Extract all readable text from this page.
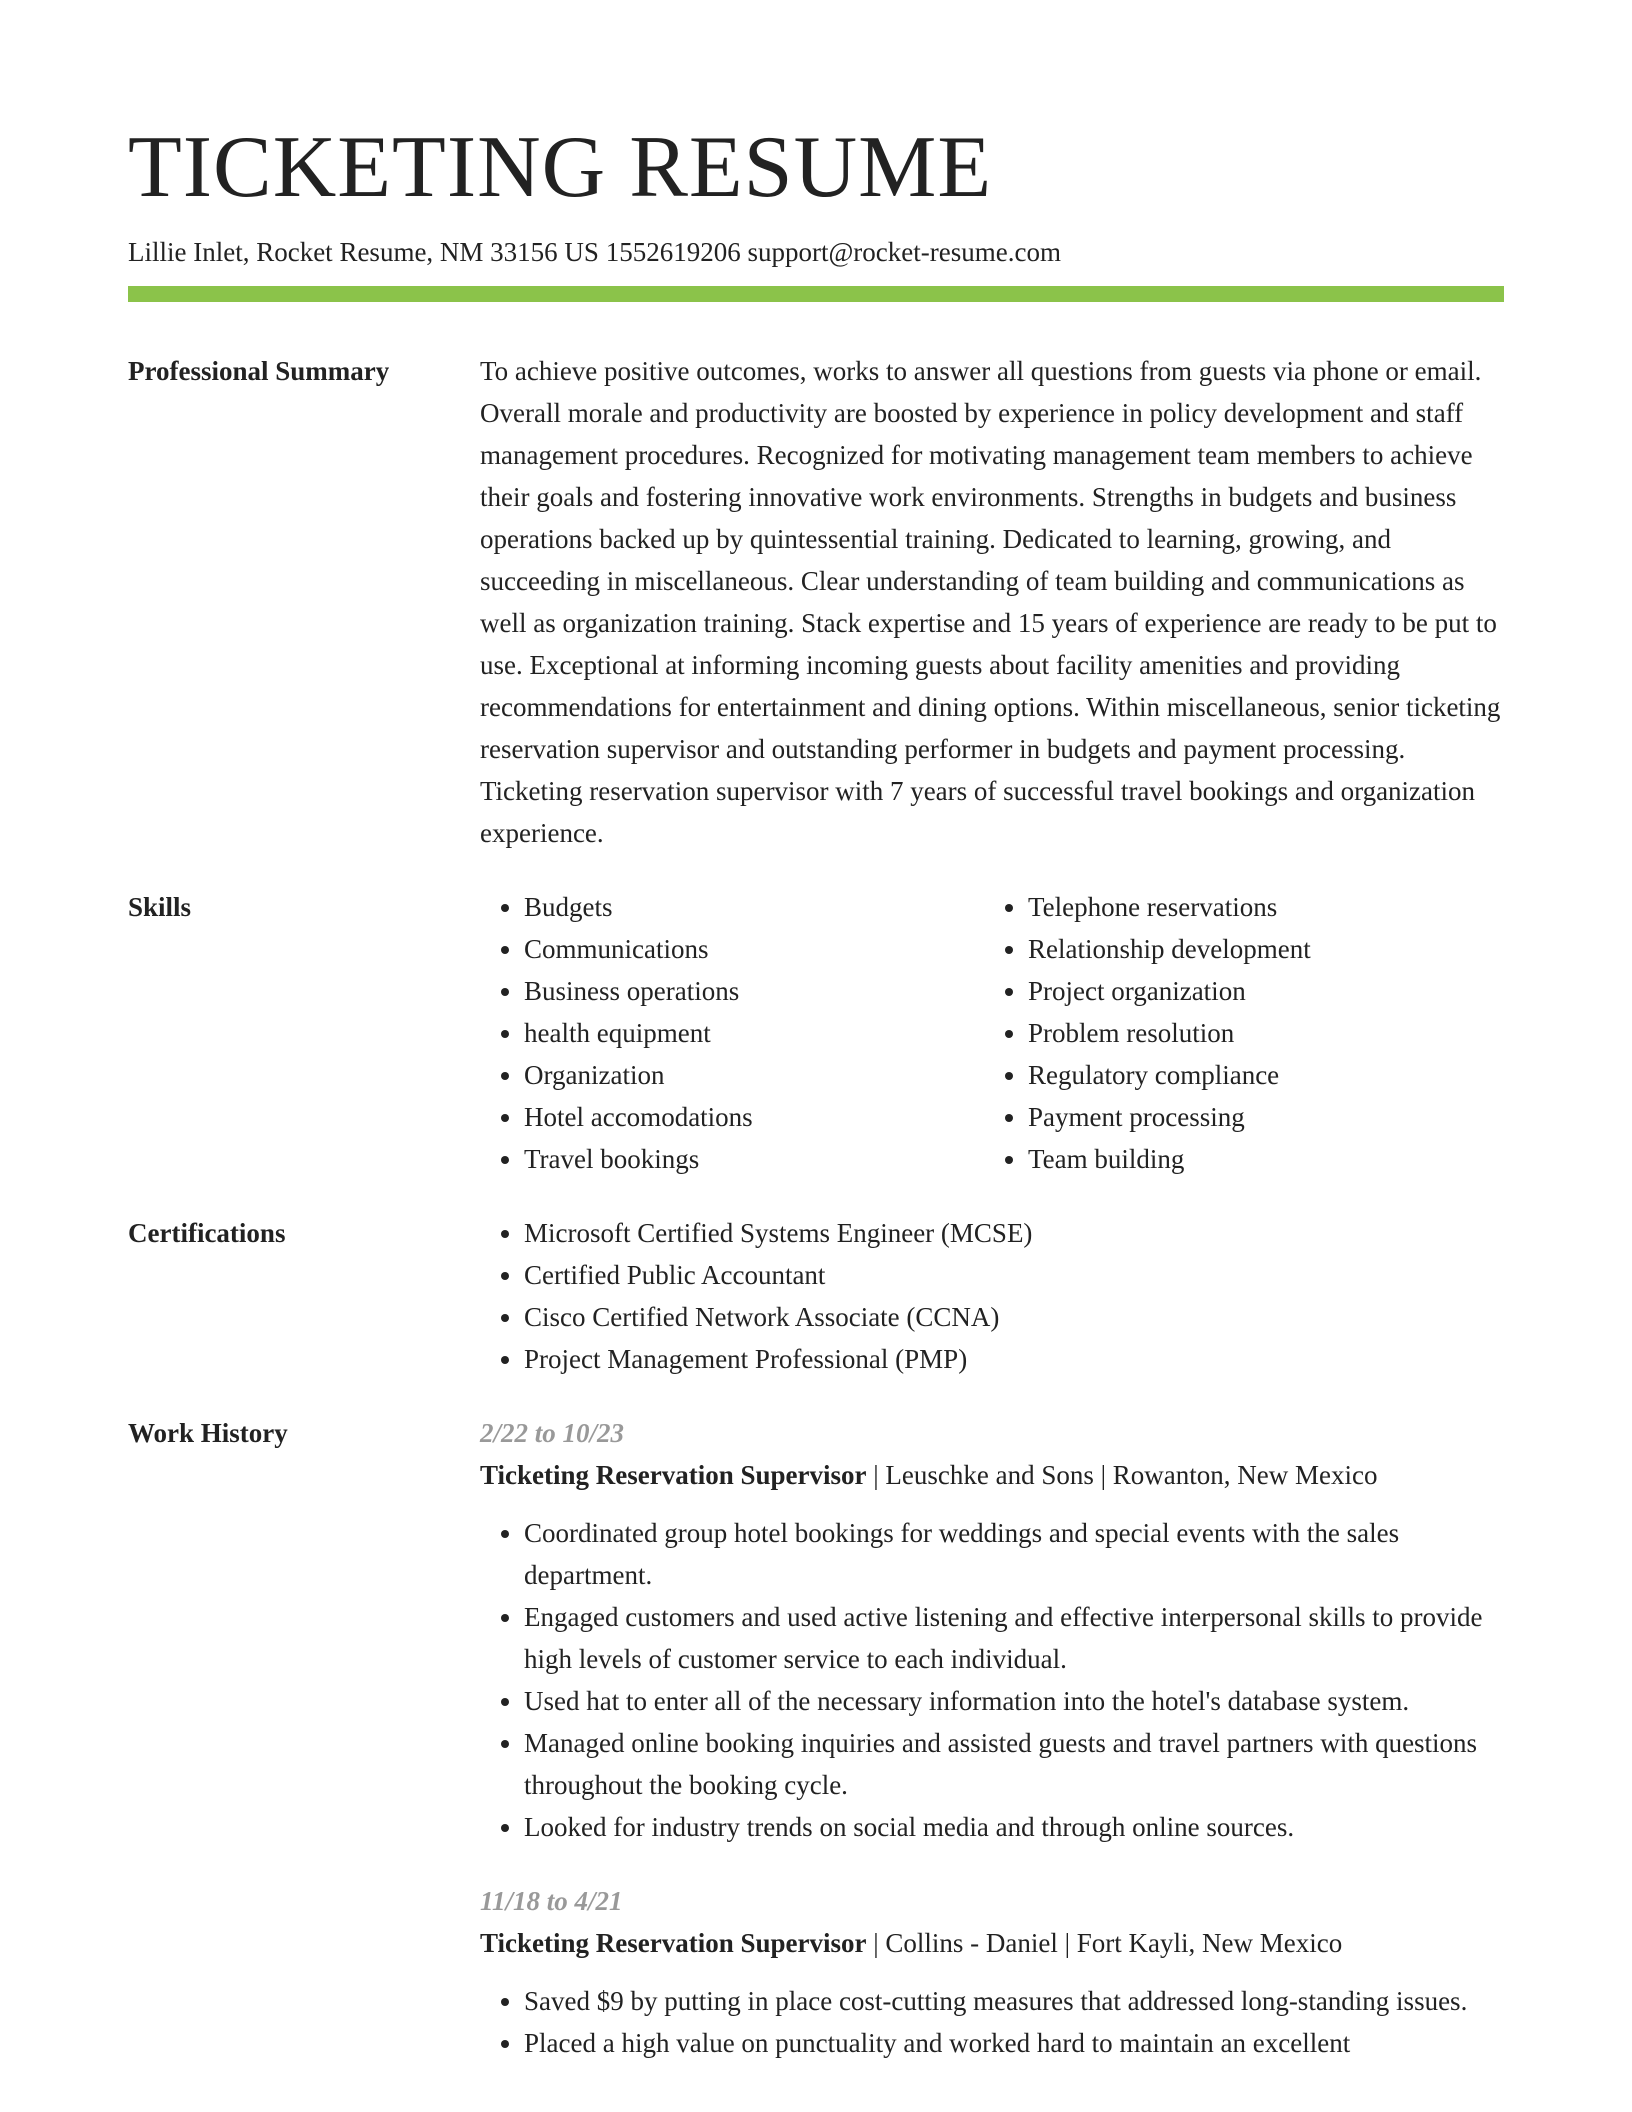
TICKETING RESUME
Lillie Inlet, Rocket Resume, NM 33156 US 1552619206 support@rocket-resume.com
Professional Summary	To achieve positive outcomes, works to answer all questions from guests via phone or email. Overall morale and productivity are boosted by experience in policy development and staff management procedures. Recognized for motivating management team members to achieve their goals and fostering innovative work environments. Strengths in budgets and business operations backed up by quintessential training. Dedicated to learning, growing, and succeeding in miscellaneous. Clear understanding of team building and communications as well as organization training. Stack expertise and 15 years of experience are ready to be put to use. Exceptional at informing incoming guests about facility amenities and providing recommendations for entertainment and dining options. Within miscellaneous, senior ticketing reservation supervisor and outstanding performer in budgets and payment processing. Ticketing reservation supervisor with 7 years of successful travel bookings and organization experience.
Skills	• Budgets
• Communications
• Business operations
• health equipment
• Organization
• Hotel accomodations
• Travel bookings
• Telephone reservations
• Relationship development
• Project organization
• Problem resolution
• Regulatory compliance
• Payment processing
• Team building
Certifications	• Microsoft Certified Systems Engineer (MCSE)
• Certified Public Accountant
• Cisco Certified Network Associate (CCNA)
• Project Management Professional (PMP)
Work History	2/22 to 10/23
Ticketing Reservation Supervisor | Leuschke and Sons | Rowanton, New Mexico
• Coordinated group hotel bookings for weddings and special events with the sales department.
• Engaged customers and used active listening and effective interpersonal skills to provide high levels of customer service to each individual.
• Used hat to enter all of the necessary information into the hotel's database system.
• Managed online booking inquiries and assisted guests and travel partners with questions throughout the booking cycle.
• Looked for industry trends on social media and through online sources.
11/18 to 4/21
Ticketing Reservation Supervisor | Collins - Daniel | Fort Kayli, New Mexico
• Saved $9 by putting in place cost-cutting measures that addressed long-standing issues.
• Placed a high value on punctuality and worked hard to maintain an excellent
